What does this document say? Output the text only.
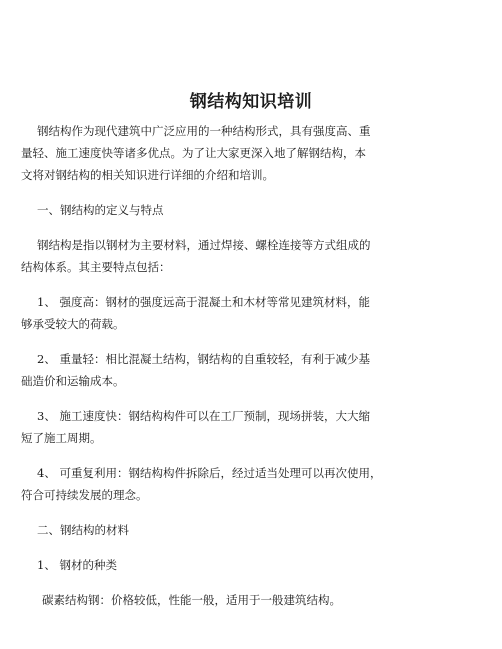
钢结构知识培训
钢结构作为现代建筑中广泛应用的一种结构形式，具有强度高、重
量轻、施工速度快等诸多优点。为了让大家更深入地了解钢结构，本
文将对钢结构的相关知识进行详细的介绍和培训。
一、钢结构的定义与特点
钢结构是指以钢材为主要材料，通过焊接、螺栓连接等方式组成的
结构体系。其主要特点包括：
1、 强度高：钢材的强度远高于混凝土和木材等常见建筑材料，能
够承受较大的荷载。
2、 重量轻：相比混凝土结构，钢结构的自重较轻，有利于减少基
础造价和运输成本。
3、 施工速度快：钢结构构件可以在工厂预制，现场拼装，大大缩
短了施工周期。
4、 可重复利用：钢结构构件拆除后，经过适当处理可以再次使用，
符合可持续发展的理念。
二、钢结构的材料
1、 钢材的种类
碳素结构钢：价格较低，性能一般，适用于一般建筑结构。
